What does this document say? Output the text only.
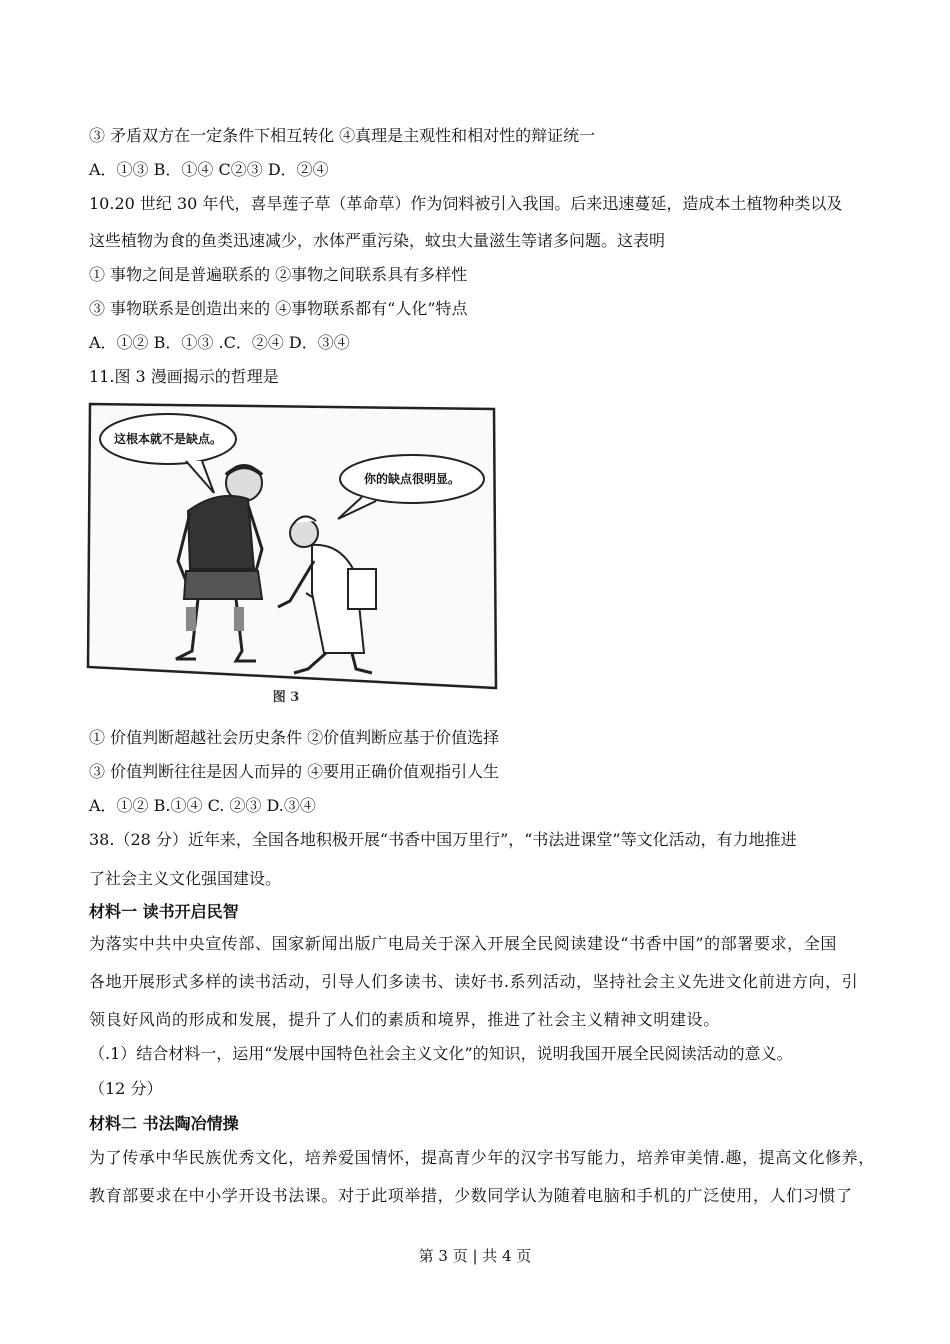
③ 矛盾双方在一定条件下相互转化 ④真理是主观性和相对性的辩证统一
A．①③ B．①④ C②③ D．②④
10.20 世纪 30 年代，喜旱莲子草（革命草）作为饲料被引入我国。后来迅速蔓延，造成本土植物种类以及
这些植物为食的鱼类迅速减少，水体严重污染，蚊虫大量滋生等诸多问题。这表明
① 事物之间是普遍联系的 ②事物之间联系具有多样性
③ 事物联系是创造出来的 ④事物联系都有“人化”特点
A．①② B．①③ .C．②④ D．③④
11.图 3 漫画揭示的哲理是
这根本就不是缺点。
你的缺点很明显。
图 3
① 价值判断超越社会历史条件 ②价值判断应基于价值选择
③ 价值判断往往是因人而异的 ④要用正确价值观指引人生
A．①② B.①④ C. ②③ D.③④
38.（28 分）近年来，全国各地积极开展“书香中国万里行”，“书法进课堂”等文化活动，有力地推进
了社会主义文化强国建设。
材料一 读书开启民智
为落实中共中央宣传部、国家新闻出版广电局关于深入开展全民阅读建设“书香中国”的部署要求，全国
各地开展形式多样的读书活动，引导人们多读书、读好书.系列活动，坚持社会主义先进文化前进方向，引
领良好风尚的形成和发展，提升了人们的素质和境界，推进了社会主义精神文明建设。
（.1）结合材料一，运用“发展中国特色社会主义文化”的知识，说明我国开展全民阅读活动的意义。
（12 分）
材料二 书法陶冶情操
为了传承中华民族优秀文化，培养爱国情怀，提高青少年的汉字书写能力，培养审美情.趣，提高文化修养，
教育部要求在中小学开设书法课。对于此项举措，少数同学认为随着电脑和手机的广泛使用，人们习惯了
第 3 页 | 共 4 页
